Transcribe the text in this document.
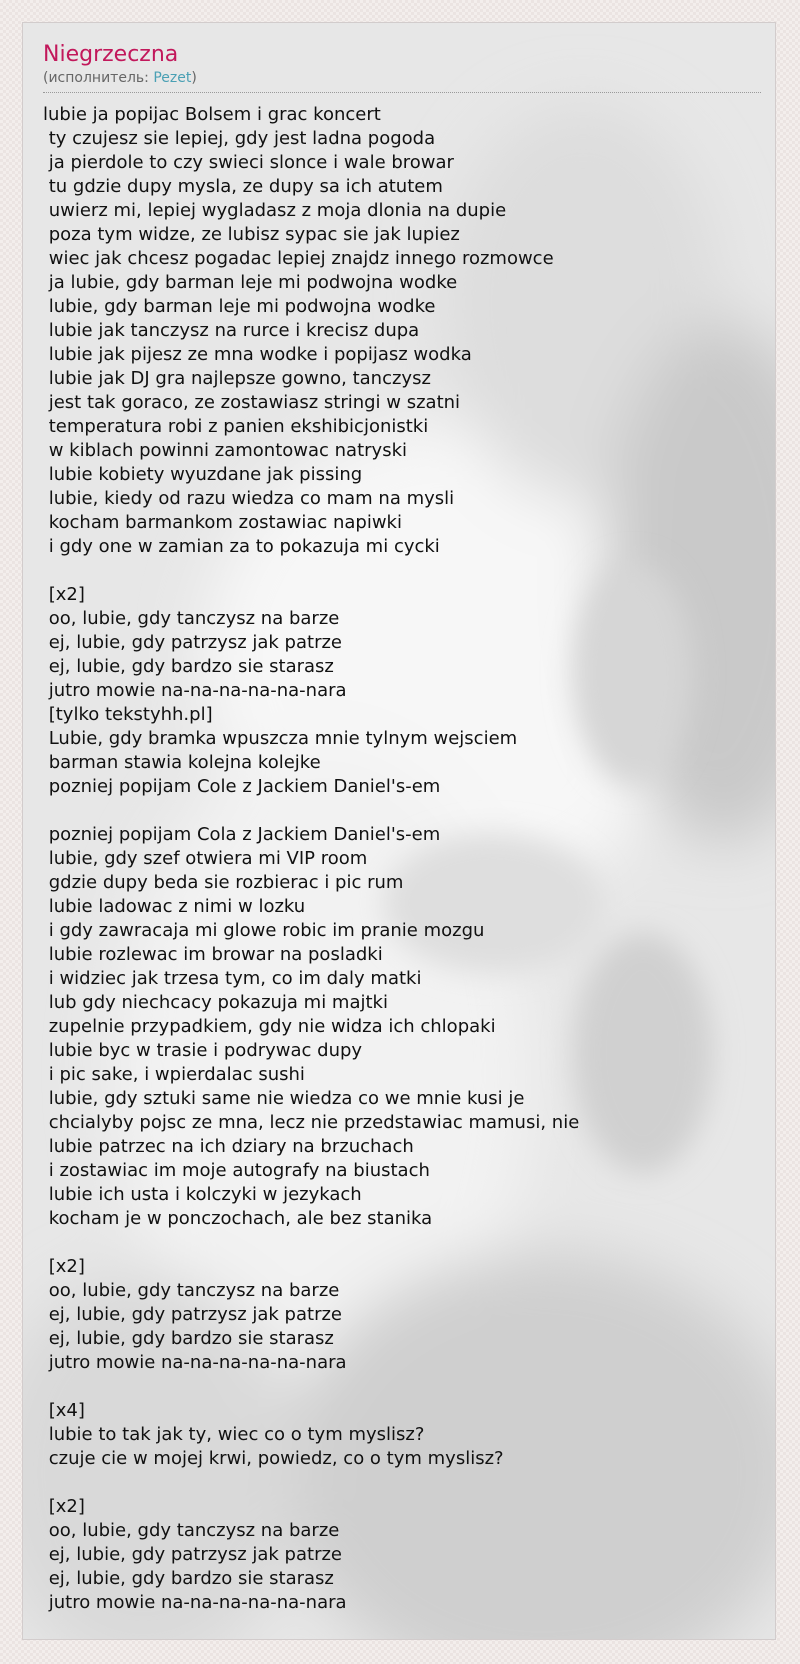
Niegrzeczna
(исполнитель: Pezet)
lubie ja popijac Bolsem i grac koncert
ty czujesz sie lepiej, gdy jest ladna pogoda
ja pierdole to czy swieci slonce i wale browar
tu gdzie dupy mysla, ze dupy sa ich atutem
uwierz mi, lepiej wygladasz z moja dlonia na dupie
poza tym widze, ze lubisz sypac sie jak lupiez
wiec jak chcesz pogadac lepiej znajdz innego rozmowce
ja lubie, gdy barman leje mi podwojna wodke
lubie, gdy barman leje mi podwojna wodke
lubie jak tanczysz na rurce i krecisz dupa
lubie jak pijesz ze mna wodke i popijasz wodka
lubie jak DJ gra najlepsze gowno, tanczysz
jest tak goraco, ze zostawiasz stringi w szatni
temperatura robi z panien ekshibicjonistki
w kiblach powinni zamontowac natryski
lubie kobiety wyuzdane jak pissing
lubie, kiedy od razu wiedza co mam na mysli
kocham barmankom zostawiac napiwki
i gdy one w zamian za to pokazuja mi cycki
[x2]
oo, lubie, gdy tanczysz na barze
ej, lubie, gdy patrzysz jak patrze
ej, lubie, gdy bardzo sie starasz
jutro mowie na-na-na-na-na-nara
[tylko tekstyhh.pl]
Lubie, gdy bramka wpuszcza mnie tylnym wejsciem
barman stawia kolejna kolejke
pozniej popijam Cole z Jackiem Daniel's-em
pozniej popijam Cola z Jackiem Daniel's-em
lubie, gdy szef otwiera mi VIP room
gdzie dupy beda sie rozbierac i pic rum
lubie ladowac z nimi w lozku
i gdy zawracaja mi glowe robic im pranie mozgu
lubie rozlewac im browar na posladki
i widziec jak trzesa tym, co im daly matki
lub gdy niechcacy pokazuja mi majtki
zupelnie przypadkiem, gdy nie widza ich chlopaki
lubie byc w trasie i podrywac dupy
i pic sake, i wpierdalac sushi
lubie, gdy sztuki same nie wiedza co we mnie kusi je
chcialyby pojsc ze mna, lecz nie przedstawiac mamusi, nie
lubie patrzec na ich dziary na brzuchach
i zostawiac im moje autografy na biustach
lubie ich usta i kolczyki w jezykach
kocham je w ponczochach, ale bez stanika
[x2]
oo, lubie, gdy tanczysz na barze
ej, lubie, gdy patrzysz jak patrze
ej, lubie, gdy bardzo sie starasz
jutro mowie na-na-na-na-na-nara
[x4]
lubie to tak jak ty, wiec co o tym myslisz?
czuje cie w mojej krwi, powiedz, co o tym myslisz?
[x2]
oo, lubie, gdy tanczysz na barze
ej, lubie, gdy patrzysz jak patrze
ej, lubie, gdy bardzo sie starasz
jutro mowie na-na-na-na-na-nara
